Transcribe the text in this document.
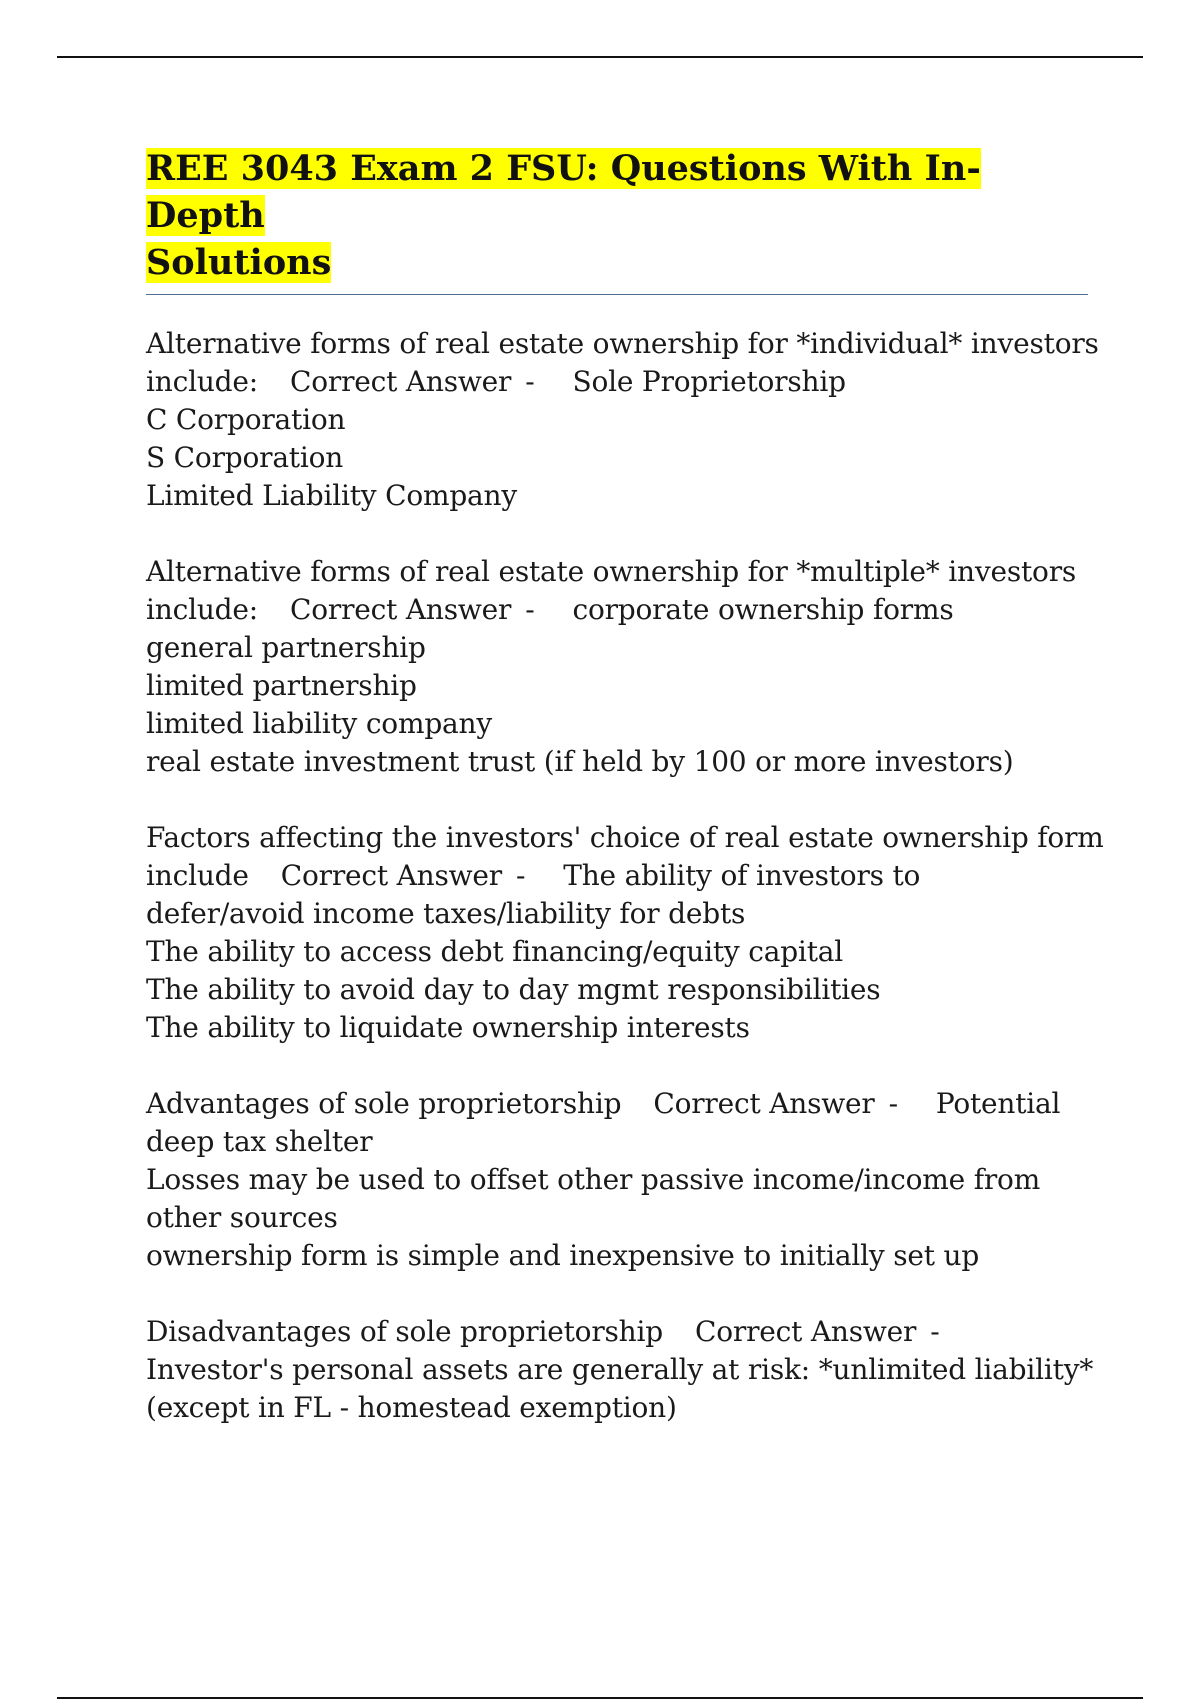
REE 3043 Exam 2 FSU: Questions With In-Depth
Solutions
Alternative forms of real estate ownership for *individual* investors
include: Correct Answer - Sole Proprietorship
C Corporation
S Corporation
Limited Liability Company
Alternative forms of real estate ownership for *multiple* investors
include: Correct Answer - corporate ownership forms
general partnership
limited partnership
limited liability company
real estate investment trust (if held by 100 or more investors)
Factors affecting the investors' choice of real estate ownership form
include Correct Answer - The ability of investors to
defer/avoid income taxes/liability for debts
The ability to access debt financing/equity capital
The ability to avoid day to day mgmt responsibilities
The ability to liquidate ownership interests
Advantages of sole proprietorship Correct Answer - Potential
deep tax shelter
Losses may be used to offset other passive income/income from
other sources
ownership form is simple and inexpensive to initially set up
Disadvantages of sole proprietorship Correct Answer -
Investor's personal assets are generally at risk: *unlimited liability*
(except in FL - homestead exemption)
